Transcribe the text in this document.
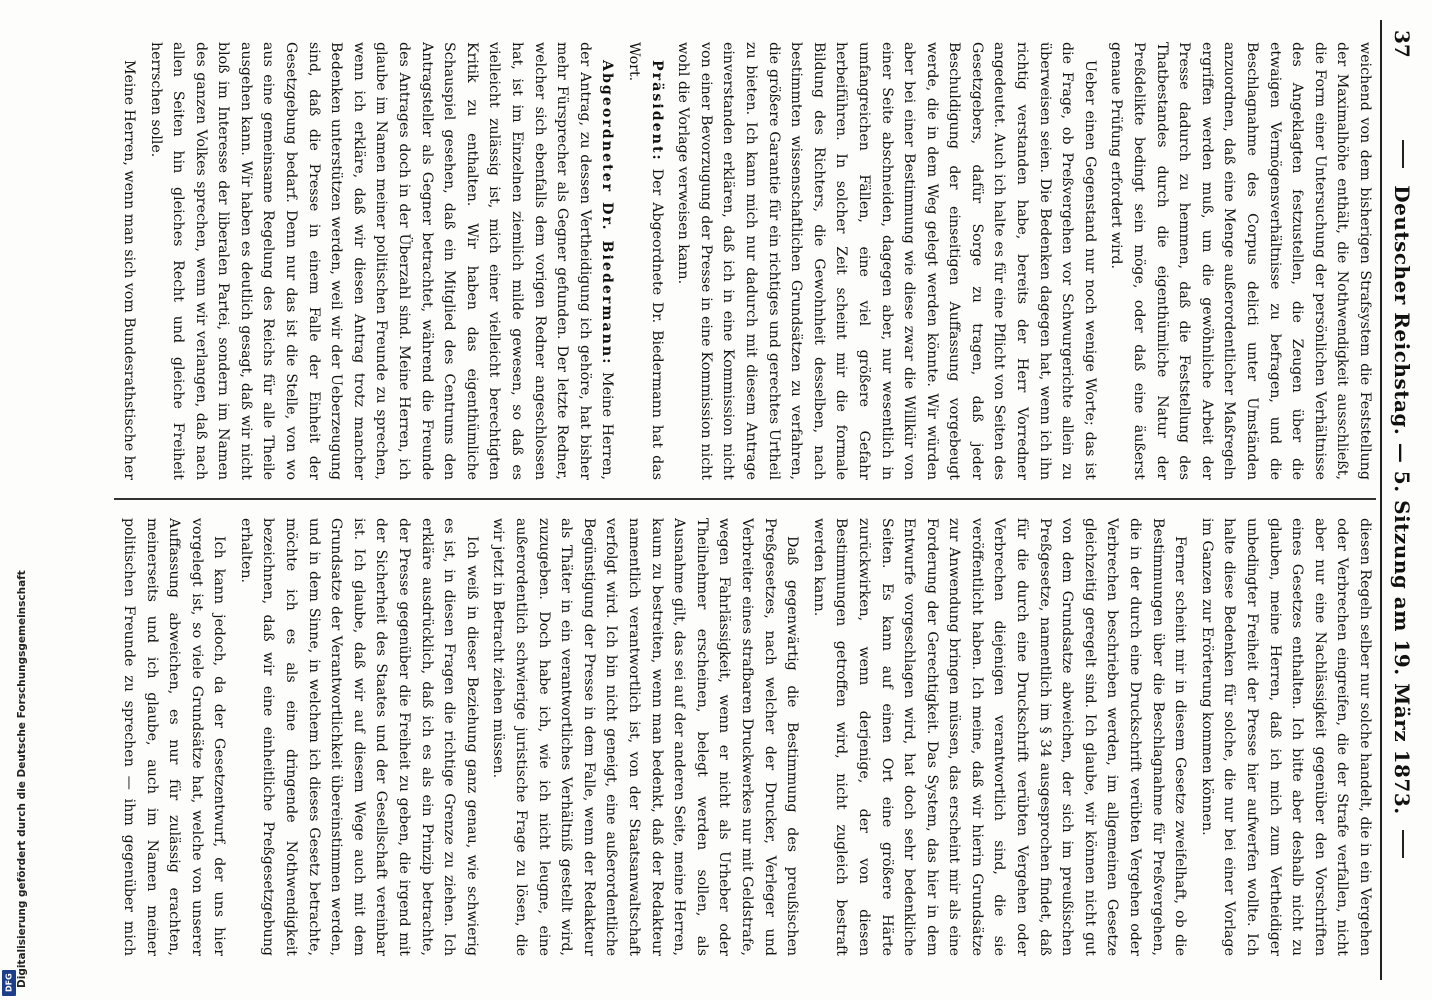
Digitalisierung gefördert durch die Deutsche Forschungsgemeinschaft
DFG
37
Deutscher Reichstag. — 5. Sitzung am 19. März 1873.

weichend von dem bisherigen Strafsystem die Feststellung der Maximalhöhe enthält, die Nothwendigkeit ausschließt, die Form einer Untersuchung der persönlichen Verhältnisse des Angeklagten festzustellen, die Zeugen über die etwaigen Vermögensverhältnisse zu befragen, und die Beschlagnahme des Corpus delicti unter Umständen anzuordnen, daß eine Menge außerordentlicher Maßregeln ergriffen werden muß, um die gewöhnliche Arbeit der Presse dadurch zu hemmen, daß die Feststellung des Thatbestandes durch die eigenthümliche Natur der Preßdelikte bedingt sein möge, oder daß eine äußerst genaue Prüfung erfordert wird.

Ueber einen Gegenstand nur noch wenige Worte; das ist die Frage, ob Preßvergehen vor Schwurgerichte allein zu überweisen seien. Die Bedenken dagegen hat, wenn ich ihn richtig verstanden habe, bereits der Herr Vorredner angedeutet. Auch ich halte es für eine Pflicht von Seiten des Gesetzgebers, dafür Sorge zu tragen, daß jeder Beschuldigung der einseitigen Auffassung vorgebeugt werde, die in dem Weg gelegt werden könnte. Wir würden aber bei einer Bestimmung wie diese zwar die Willkür von einer Seite abschneiden, dagegen aber, nur wesentlich in umfangreichen Fällen, eine viel größere Gefahr herbeiführen. In solcher Zeit scheint mir die formale Bildung des Richters, die Gewohnheit desselben, nach bestimmten wissenschaftlichen Grundsätzen zu verfahren, die größere Garantie für ein richtiges und gerechtes Urtheil zu bieten. Ich kann mich nur dadurch mit diesem Antrage einverstanden erklären, daß ich in eine Kommission nicht von einer Bevorzugung der Presse in eine Kommission nicht wohl die Vorlage verweisen kann.

Präsident: Der Abgeordnete Dr. Biedermann hat das Wort.

Abgeordneter Dr. Biedermann: Meine Herren, der Antrag, zu dessen Vertheidigung ich gehöre, hat bisher mehr Fürsprecher als Gegner gefunden. Der letzte Redner, welcher sich ebenfalls dem vorigen Redner angeschlossen hat, ist im Einzelnen ziemlich milde gewesen, so daß es vielleicht zulässig ist, mich einer vielleicht berechtigten Kritik zu enthalten. Wir haben das eigenthümliche Schauspiel gesehen, daß ein Mitglied des Centrums den Antragsteller als Gegner betrachtet, während die Freunde des Antrages doch in der Überzahl sind. Meine Herren, ich glaube im Namen meiner politischen Freunde zu sprechen, wenn ich erkläre, daß wir diesen Antrag trotz mancher Bedenken unterstützen werden, weil wir der Ueberzeugung sind, daß die Presse in einem Falle der Einheit der Gesetzgebung bedarf. Denn nur das ist die Stelle, von wo aus eine gemeinsame Regelung des Reichs für alle Theile ausgehen kann. Wir haben es deutlich gesagt, daß wir nicht bloß im Interesse der liberalen Partei, sondern im Namen des ganzen Volkes sprechen, wenn wir verlangen, daß nach allen Seiten hin gleiches Recht und gleiche Freiheit herrschen solle.

Meine Herren, wenn man sich vom Bundesrathstische her

diesen Regeln selber nur solche handelt, die in ein Vergehen oder Verbrechen eingreifen, die der Strafe verfallen, nicht aber nur eine Nachlässigkeit gegenüber den Vorschriften eines Gesetzes enthalten. Ich bitte aber deshalb nicht zu glauben, meine Herren, daß ich mich zum Vertheidiger unbedingter Freiheit der Presse hier aufwerfen wollte. Ich halte diese Bedenken für solche, die nur bei einer Vorlage im Ganzen zur Erörterung kommen können.

Ferner scheint mir in diesem Gesetze zweifelhaft, ob die Bestimmungen über die Beschlagnahme für Preßvergehen, die in der durch eine Druckschrift verübten Vergehen oder Verbrechen beschrieben werden, im allgemeinen Gesetze gleichzeitig geregelt sind. Ich glaube, wir können nicht gut von dem Grundsatze abweichen, der sich im preußischen Preßgesetze, namentlich im § 34 ausgesprochen findet, daß für die durch eine Druckschrift verübten Vergehen oder Verbrechen diejenigen verantwortlich sind, die sie veröffentlicht haben. Ich meine, daß wir hierin Grundsätze zur Anwendung bringen müssen, das erscheint mir als eine Forderung der Gerechtigkeit. Das System, das hier in dem Entwurfe vorgeschlagen wird, hat doch sehr bedenkliche Seiten. Es kann auf einen Ort eine größere Härte zurückwirken, wenn derjenige, der von diesen Bestimmungen getroffen wird, nicht zugleich bestraft werden kann.

Daß gegenwärtig die Bestimmung des preußischen Preßgesetzes, nach welcher der Drucker, Verleger und Verbreiter eines strafbaren Druckwerkes nur mit Geldstrafe, wegen Fahrlässigkeit, wenn er nicht als Urheber oder Theilnehmer erscheinen, belegt werden sollen, als Ausnahme gilt, das sei auf der anderen Seite, meine Herren, kaum zu bestreiten, wenn man bedenkt, daß der Redakteur namentlich verantwortlich ist, von der Staatsanwaltschaft verfolgt wird. Ich bin nicht geneigt, eine außerordentliche Begünstigung der Presse in dem Falle, wenn der Redakteur als Thäter in ein verantwortliches Verhältniß gestellt wird, zuzugeben. Doch habe ich, wie ich nicht leugne, eine außerordentlich schwierige juristische Frage zu lösen, die wir jetzt in Betracht ziehen müssen.

Ich weiß in dieser Beziehung ganz genau, wie schwierig es ist, in diesen Fragen die richtige Grenze zu ziehen. Ich erkläre ausdrücklich, daß ich es als ein Prinzip betrachte, der Presse gegenüber die Freiheit zu geben, die irgend mit der Sicherheit des Staates und der Gesellschaft vereinbar ist. Ich glaube, daß wir auf diesem Wege auch mit dem Grundsatze der Verantwortlichkeit übereinstimmen werden, und in dem Sinne, in welchem ich dieses Gesetz betrachte, möchte ich es als eine dringende Nothwendigkeit bezeichnen, daß wir eine einheitliche Preßgesetzgebung erhalten.

Ich kann jedoch, da der Gesetzentwurf, der uns hier vorgelegt ist, so viele Grundsätze hat, welche von unserer Auffassung abweichen, es nur für zulässig erachten, meinerseits und ich glaube, auch im Namen meiner politischen Freunde zu sprechen — ihm gegenüber mich
